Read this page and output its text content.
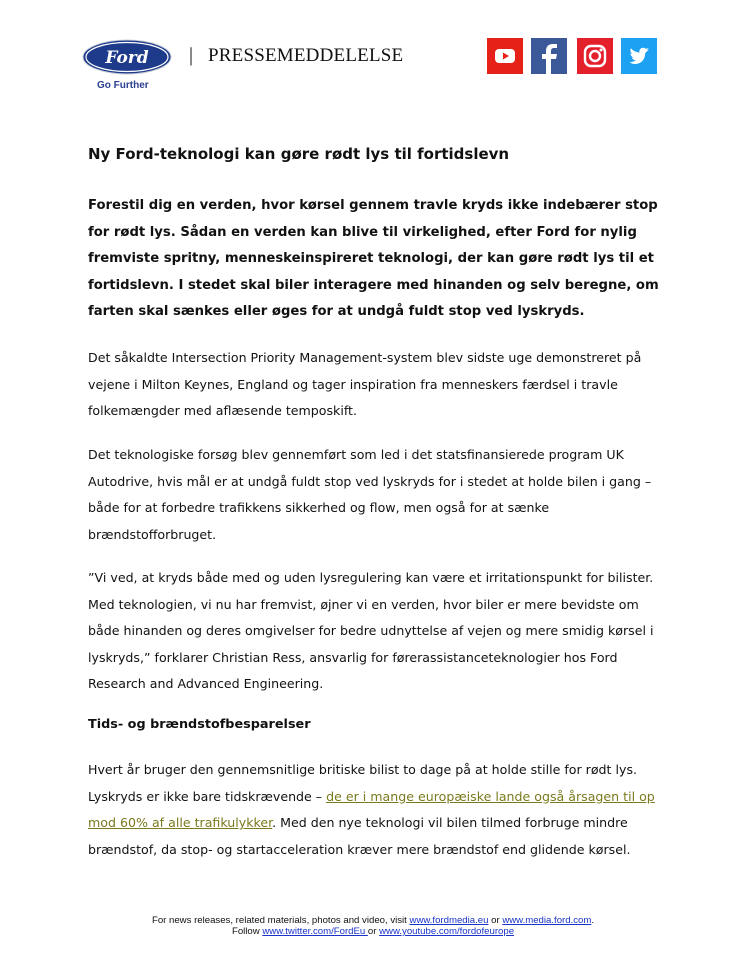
Ford
Go Further
| PRESSEMEDDELELSE
Ny Ford-teknologi kan gøre rødt lys til fortidslevn

Forestil dig en verden, hvor kørsel gennem travle kryds ikke indebærer stop for rødt lys. Sådan en verden kan blive til virkelighed, efter Ford for nylig fremviste spritny, menneskeinspireret teknologi, der kan gøre rødt lys til et fortidslevn. I stedet skal biler interagere med hinanden og selv beregne, om farten skal sænkes eller øges for at undgå fuldt stop ved lyskryds.

Det såkaldte Intersection Priority Management-system blev sidste uge demonstreret på vejene i Milton Keynes, England og tager inspiration fra menneskers færdsel i travle folkemængder med aflæsende temposkift.

Det teknologiske forsøg blev gennemført som led i det statsfinansierede program UK Autodrive, hvis mål er at undgå fuldt stop ved lyskryds for i stedet at holde bilen i gang – både for at forbedre trafikkens sikkerhed og flow, men også for at sænke brændstofforbruget.

”Vi ved, at kryds både med og uden lysregulering kan være et irritationspunkt for bilister. Med teknologien, vi nu har fremvist, øjner vi en verden, hvor biler er mere bevidste om både hinanden og deres omgivelser for bedre udnyttelse af vejen og mere smidig kørsel i lyskryds,” forklarer Christian Ress, ansvarlig for førerassistanceteknologier hos Ford Research and Advanced Engineering.

Tids- og brændstofbesparelser

Hvert år bruger den gennemsnitlige britiske bilist to dage på at holde stille for rødt lys. Lyskryds er ikke bare tidskrævende – de er i mange europæiske lande også årsagen til op mod 60% af alle trafikulykker. Med den nye teknologi vil bilen tilmed forbruge mindre brændstof, da stop- og startacceleration kræver mere brændstof end glidende kørsel.

For news releases, related materials, photos and video, visit www.fordmedia.eu or www.media.ford.com.
Follow www.twitter.com/FordEu or www.youtube.com/fordofeurope
